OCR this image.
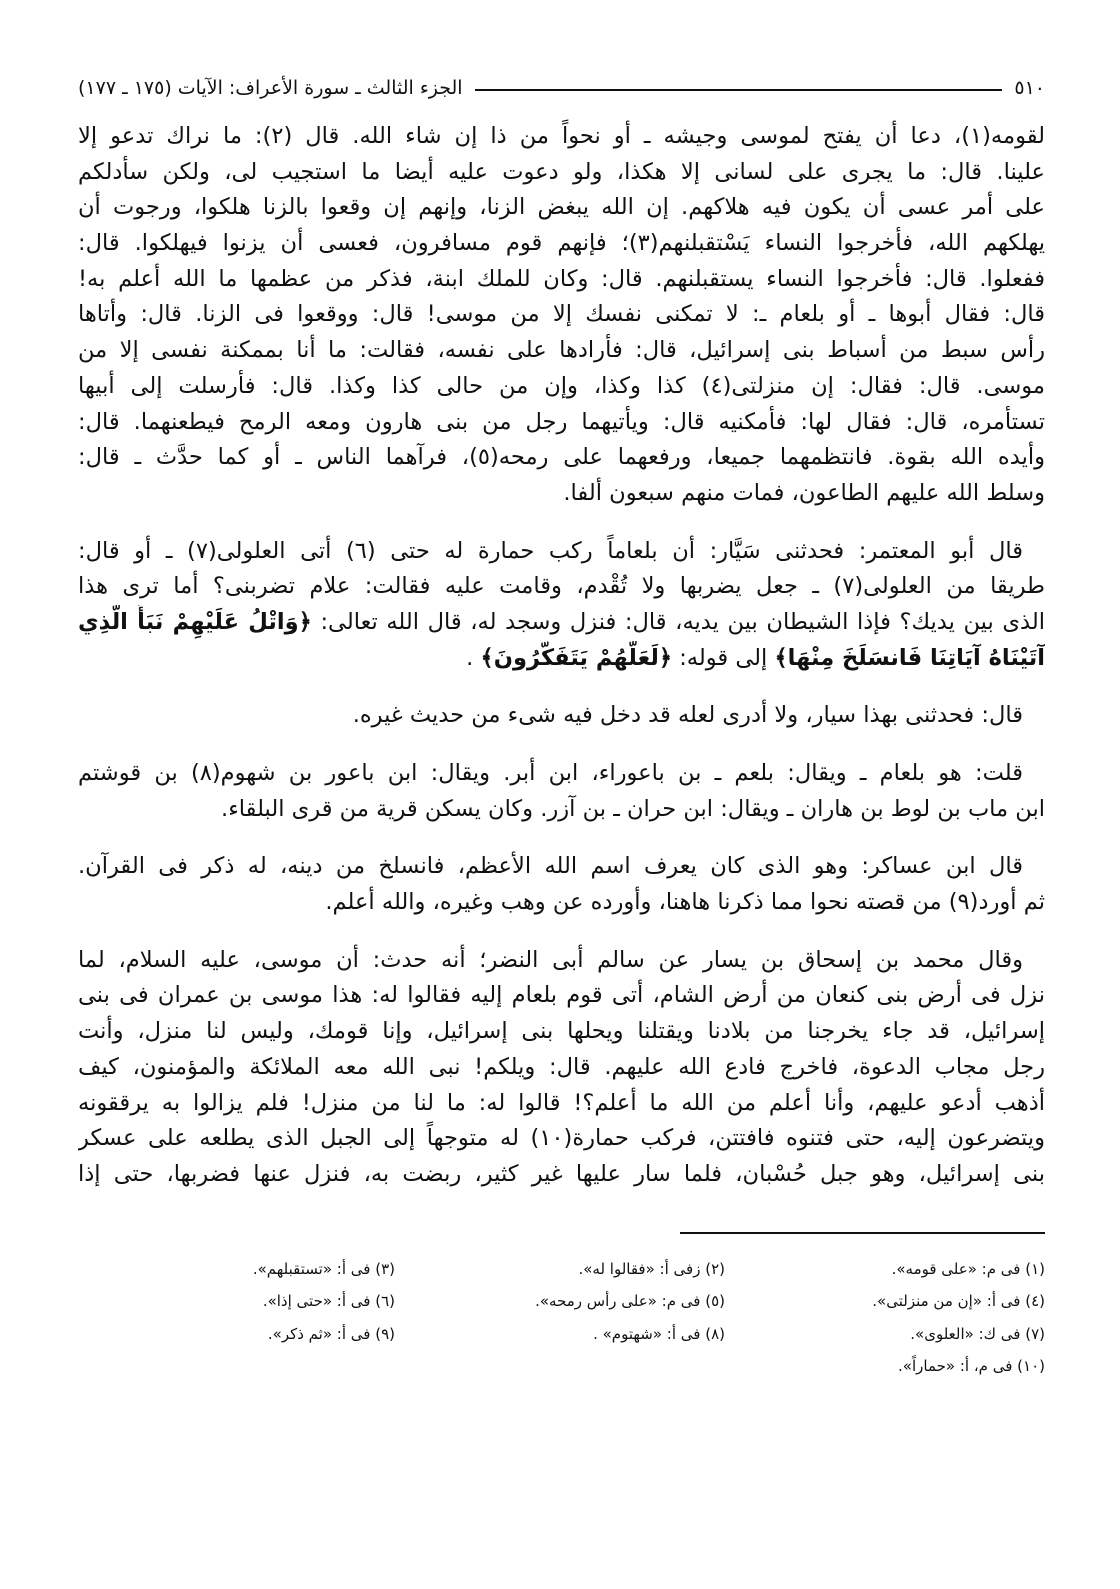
٥١٠
الجزء الثالث ـ سورة الأعراف: الآيات (١٧٥ ـ ١٧٧)
لقومه(١)، دعا أن يفتح لموسى وجيشه ـ أو نحواً من ذا إن شاء الله. قال (٢): ما نراك تدعو إلا
علينا. قال: ما يجرى على لسانى إلا هكذا، ولو دعوت عليه أيضا ما استجيب لى، ولكن سأدلكم
على أمر عسى أن يكون فيه هلاكهم. إن الله يبغض الزنا، وإنهم إن وقعوا بالزنا هلكوا، ورجوت أن
يهلكهم الله، فأخرجوا النساء يَسْتقبلنهم(٣)؛ فإنهم قوم مسافرون، فعسى أن يزنوا فيهلكوا. قال:
ففعلوا. قال: فأخرجوا النساء يستقبلنهم. قال: وكان للملك ابنة، فذكر من عظمها ما الله أعلم به!
قال: فقال أبوها ـ أو بلعام ـ: لا تمكنى نفسك إلا من موسى! قال: ووقعوا فى الزنا. قال: وأتاها
رأس سبط من أسباط بنى إسرائيل، قال: فأرادها على نفسه، فقالت: ما أنا بممكنة نفسى إلا من
موسى. قال: فقال: إن منزلتى(٤) كذا وكذا، وإن من حالى كذا وكذا. قال: فأرسلت إلى أبيها
تستأمره، قال: فقال لها: فأمكنيه قال: ويأتيهما رجل من بنى هارون ومعه الرمح فيطعنهما. قال:
وأيده الله بقوة. فانتظمهما جميعا، ورفعهما على رمحه(٥)، فرآهما الناس ـ أو كما حدَّث ـ قال:
وسلط الله عليهم الطاعون، فمات منهم سبعون ألفا.
قال أبو المعتمر: فحدثنى سَيَّار: أن بلعاماً ركب حمارة له حتى (٦) أتى العلولى(٧) ـ أو قال:
طريقا من العلولى(٧) ـ جعل يضربها ولا تُقْدم، وقامت عليه فقالت: علام تضربنى؟ أما ترى هذا
الذى بين يديك؟ فإذا الشيطان بين يديه، قال: فنزل وسجد له، قال الله تعالى: ﴿وَاتْلُ عَلَيْهِمْ نَبَأَ الَّذِي
آتَيْنَاهُ آيَاتِنَا فَانسَلَخَ مِنْهَا﴾ إلى قوله: ﴿لَعَلَّهُمْ يَتَفَكَّرُونَ﴾ .
قال: فحدثنى بهذا سيار، ولا أدرى لعله قد دخل فيه شىء من حديث غيره.
قلت: هو بلعام ـ ويقال: بلعم ـ بن باعوراء، ابن أبر. ويقال: ابن باعور بن شهوم(٨) بن قوشتم
ابن ماب بن لوط بن هاران ـ ويقال: ابن حران ـ بن آزر. وكان يسكن قرية من قرى البلقاء.
قال ابن عساكر: وهو الذى كان يعرف اسم الله الأعظم، فانسلخ من دينه، له ذكر فى القرآن.
ثم أورد(٩) من قصته نحوا مما ذكرنا هاهنا، وأورده عن وهب وغيره، والله أعلم.
وقال محمد بن إسحاق بن يسار عن سالم أبى النضر؛ أنه حدث: أن موسى، عليه السلام، لما
نزل فى أرض بنى كنعان من أرض الشام، أتى قوم بلعام إليه فقالوا له: هذا موسى بن عمران فى بنى
إسرائيل، قد جاء يخرجنا من بلادنا ويقتلنا ويحلها بنى إسرائيل، وإنا قومك، وليس لنا منزل، وأنت
رجل مجاب الدعوة، فاخرج فادع الله عليهم. قال: ويلكم! نبى الله معه الملائكة والمؤمنون، كيف
أذهب أدعو عليهم، وأنا أعلم من الله ما أعلم؟! قالوا له: ما لنا من منزل! فلم يزالوا به يرققونه
ويتضرعون إليه، حتى فتنوه فافتتن، فركب حمارة(١٠) له متوجهاً إلى الجبل الذى يطلعه على عسكر
بنى إسرائيل، وهو جبل حُسْبان، فلما سار عليها غير كثير، ربضت به، فنزل عنها فضربها، حتى إذا
(١) فى م: «على قومه».
(٢) زفى أ: «فقالوا له».
(٣) فى أ: «تستقبلهم».
(٤) فى أ: «إن من منزلتى».
(٥) فى م: «على رأس رمحه».
(٦) فى أ: «حتى إذا».
(٧) فى ك: «العلوى».
(٨) فى أ: «شهتوم» .
(٩) فى أ: «ثم ذكر».
(١٠) فى م، أ: «حماراً».
